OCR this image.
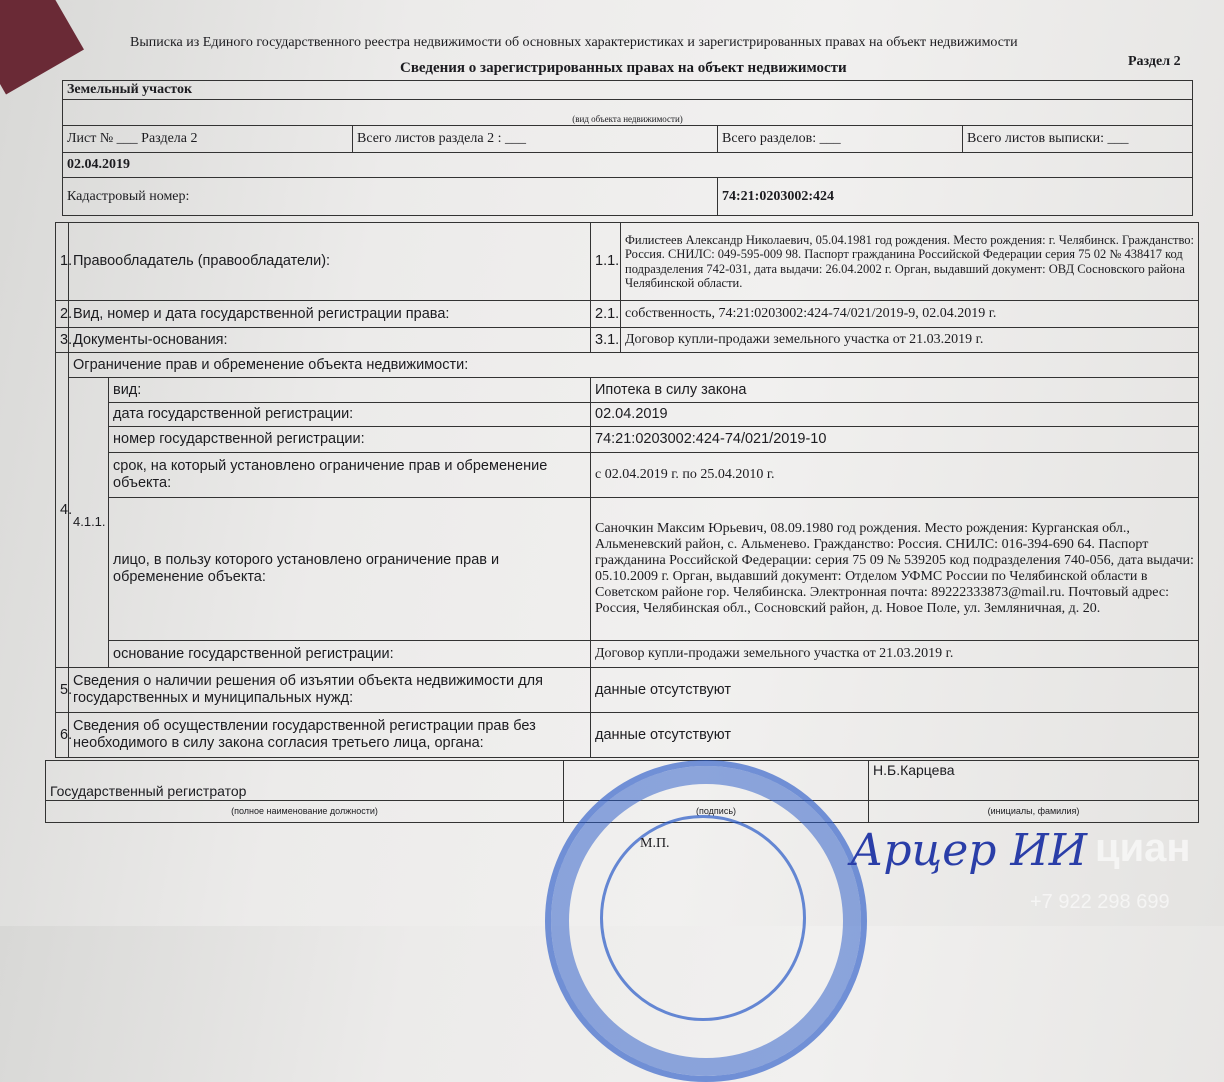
Выписка из Единого государственного реестра недвижимости об основных характеристиках и зарегистрированных правах на объект недвижимости
Раздел 2
Сведения о зарегистрированных правах на объект недвижимости
Земельный участок			
(вид объекта недвижимости)			
Лист № ___ Раздела 2	Всего листов раздела 2 : ___	Всего разделов: ___	Всего листов выписки: ___
02.04.2019			
Кадастровый номер:		74:21:0203002:424	
1.	Правообладатель (правообладатели):		1.1.	Филистеев Александр Николаевич, 05.04.1981 год рождения. Место рождения: г. Челябинск. Гражданство: Россия. СНИЛС: 049-595-009 98. Паспорт гражданина Российской Федерации серия 75 02 № 438417 код подразделения 742-031, дата выдачи: 26.04.2002 г. Орган, выдавший документ: ОВД Сосновского района Челябинской области.
2.	Вид, номер и дата государственной регистрации права:		2.1.	собственность, 74:21:0203002:424-74/021/2019-9, 02.04.2019 г.
3.	Документы-основания:		3.1.	Договор купли-продажи земельного участка от 21.03.2019 г.
4.	Ограничение прав и обременение объекта недвижимости:			
	4.1.1.	вид:	Ипотека в силу закона	
		дата государственной регистрации:	02.04.2019	
		номер государственной регистрации:	74:21:0203002:424-74/021/2019-10	
		срок, на который установлено ограничение прав и обременение объекта:	с 02.04.2019 г. по 25.04.2010 г.	
		лицо, в пользу которого установлено ограничение прав и обременение объекта:	Саночкин Максим Юрьевич, 08.09.1980 год рождения. Место рождения: Курганская обл., Альменевский район, с. Альменево. Гражданство: Россия. СНИЛС: 016-394-690 64. Паспорт гражданина Российской Федерации: серия 75 09 № 539205 код подразделения 740-056, дата выдачи: 05.10.2009 г. Орган, выдавший документ: Отделом УФМС России по Челябинской области в Советском районе гор. Челябинска. Электронная почта: 89222333873@mail.ru. Почтовый адрес: Россия, Челябинская обл., Сосновский район, д. Новое Поле, ул. Земляничная, д. 20.	
		основание государственной регистрации:	Договор купли-продажи земельного участка от 21.03.2019 г.	
5.	Сведения о наличии решения об изъятии объекта недвижимости для государственных и муниципальных нужд:		данные отсутствуют	
6.	Сведения об осуществлении государственной регистрации прав без необходимого в силу закона согласия третьего лица, органа:		данные отсутствуют	
Государственный регистратор		Н.Б.Карцева
(полное наименование должности)	(подпись)	(инициалы, фамилия)
М.П.	Арцер ИИ циан
+7 922 298 699
